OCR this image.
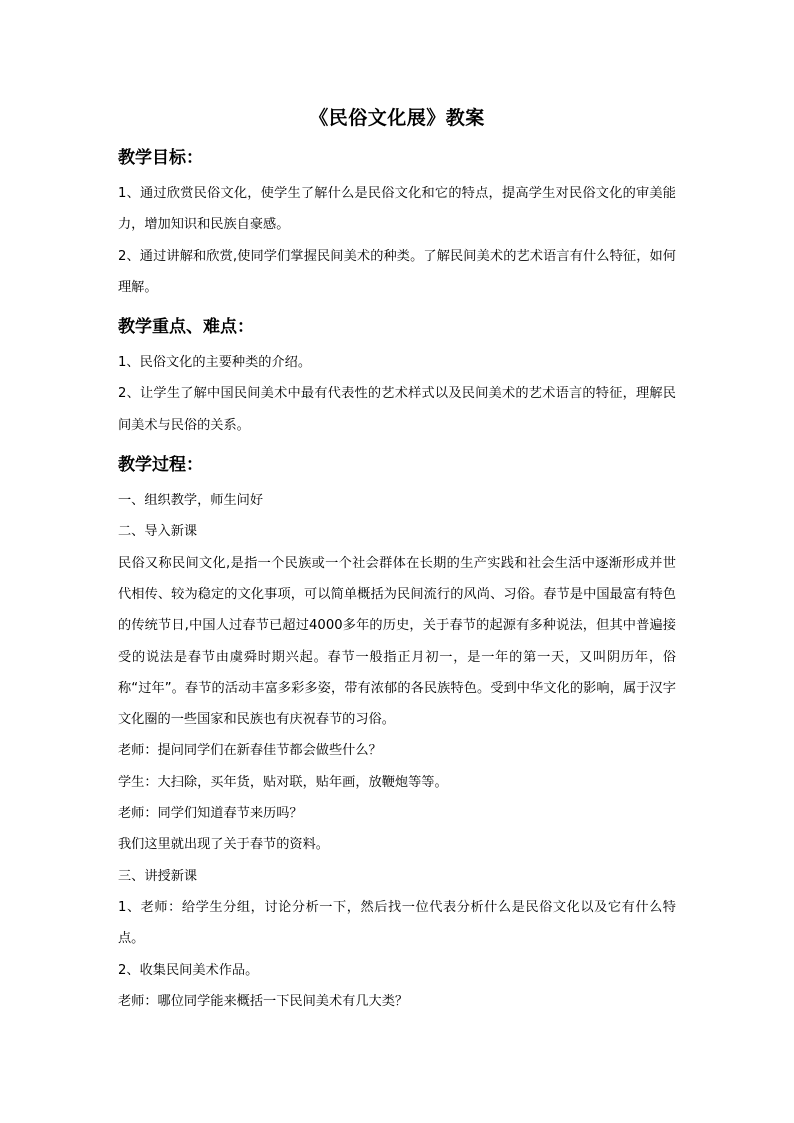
《民俗文化展》教案
教学目标：

1、通过欣赏民俗文化，使学生了解什么是民俗文化和它的特点，提高学生对民俗文化的审美能力，增加知识和民族自豪感。

2、通过讲解和欣赏,使同学们掌握民间美术的种类。了解民间美术的艺术语言有什么特征，如何理解。

教学重点、难点：

1、民俗文化的主要种类的介绍。

2、让学生了解中国民间美术中最有代表性的艺术样式以及民间美术的艺术语言的特征，理解民间美术与民俗的关系。

教学过程：

一、组织教学，师生问好

二、导入新课

民俗又称民间文化,是指一个民族或一个社会群体在长期的生产实践和社会生活中逐渐形成并世代相传、较为稳定的文化事项，可以简单概括为民间流行的风尚、习俗。春节是中国最富有特色的传统节日,中国人过春节已超过4000多年的历史，关于春节的起源有多种说法，但其中普遍接受的说法是春节由虞舜时期兴起。春节一般指正月初一，是一年的第一天，又叫阴历年，俗称“过年”。春节的活动丰富多彩多姿，带有浓郁的各民族特色。受到中华文化的影响，属于汉字文化圈的一些国家和民族也有庆祝春节的习俗。

老师：提问同学们在新春佳节都会做些什么？

学生：大扫除，买年货，贴对联，贴年画，放鞭炮等等。

老师：同学们知道春节来历吗？

我们这里就出现了关于春节的资料。

三、讲授新课

1、老师：给学生分组，讨论分析一下，然后找一位代表分析什么是民俗文化以及它有什么特点。

2、收集民间美术作品。

老师：哪位同学能来概括一下民间美术有几大类？
